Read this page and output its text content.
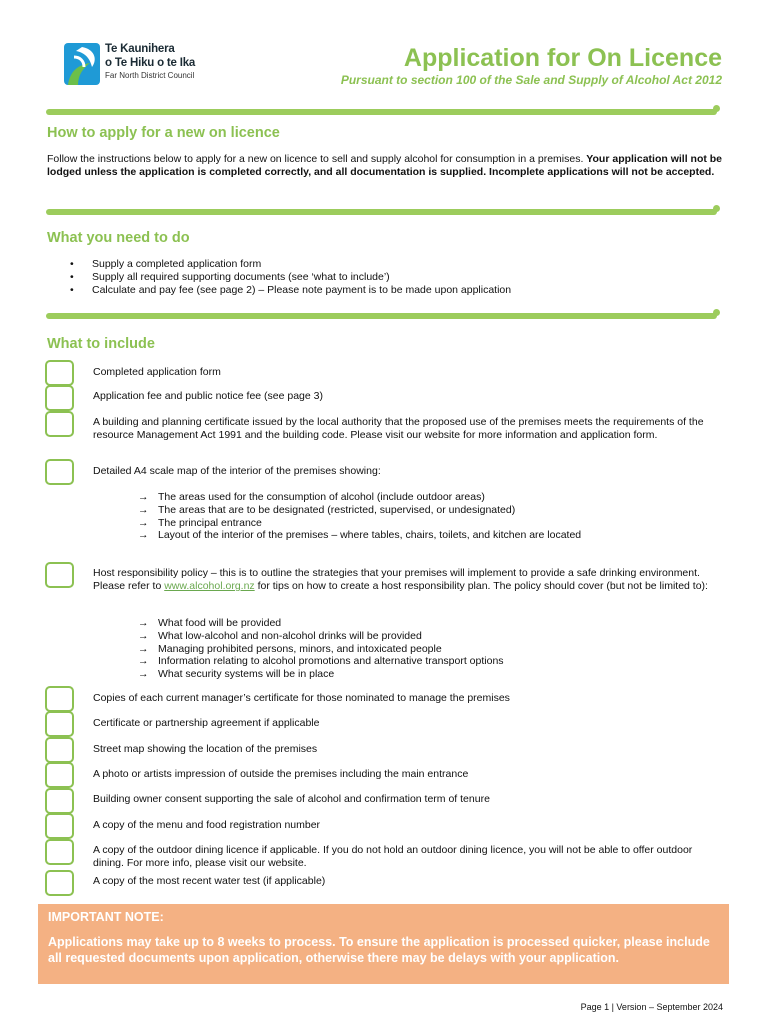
Te Kaunihera
o Te Hiku o te Ika
Far North District Council
Application for On Licence
Pursuant to section 100 of the Sale and Supply of Alcohol Act 2012
How to apply for a new on licence
Follow the instructions below to apply for a new on licence to sell and supply alcohol for consumption in a premises. Your application will not be lodged unless the application is completed correctly, and all documentation is supplied. Incomplete applications will not be accepted.
What you need to do
• Supply a completed application form
• Supply all required supporting documents (see ‘what to include’)
• Calculate and pay fee (see page 2) – Please note payment is to be made upon application
What to include
Completed application form
Application fee and public notice fee (see page 3)
A building and planning certificate issued by the local authority that the proposed use of the premises meets the requirements of the resource Management Act 1991 and the building code. Please visit our website for more information and application form.
Detailed A4 scale map of the interior of the premises showing:
→ The areas used for the consumption of alcohol (include outdoor areas)
→ The areas that are to be designated (restricted, supervised, or undesignated)
→ The principal entrance
→ Layout of the interior of the premises – where tables, chairs, toilets, and kitchen are located
Host responsibility policy – this is to outline the strategies that your premises will implement to provide a safe drinking environment. Please refer to www.alcohol.org.nz for tips on how to create a host responsibility plan. The policy should cover (but not be limited to):
→ What food will be provided
→ What low-alcohol and non-alcohol drinks will be provided
→ Managing prohibited persons, minors, and intoxicated people
→ Information relating to alcohol promotions and alternative transport options
→ What security systems will be in place
Copies of each current manager’s certificate for those nominated to manage the premises
Certificate or partnership agreement if applicable
Street map showing the location of the premises
A photo or artists impression of outside the premises including the main entrance
Building owner consent supporting the sale of alcohol and confirmation term of tenure
A copy of the menu and food registration number
A copy of the outdoor dining licence if applicable. If you do not hold an outdoor dining licence, you will not be able to offer outdoor dining. For more info, please visit our website.
A copy of the most recent water test (if applicable)
IMPORTANT NOTE:
Applications may take up to 8 weeks to process. To ensure the application is processed quicker, please include all requested documents upon application, otherwise there may be delays with your application.
Page 1 | Version – September 2024
